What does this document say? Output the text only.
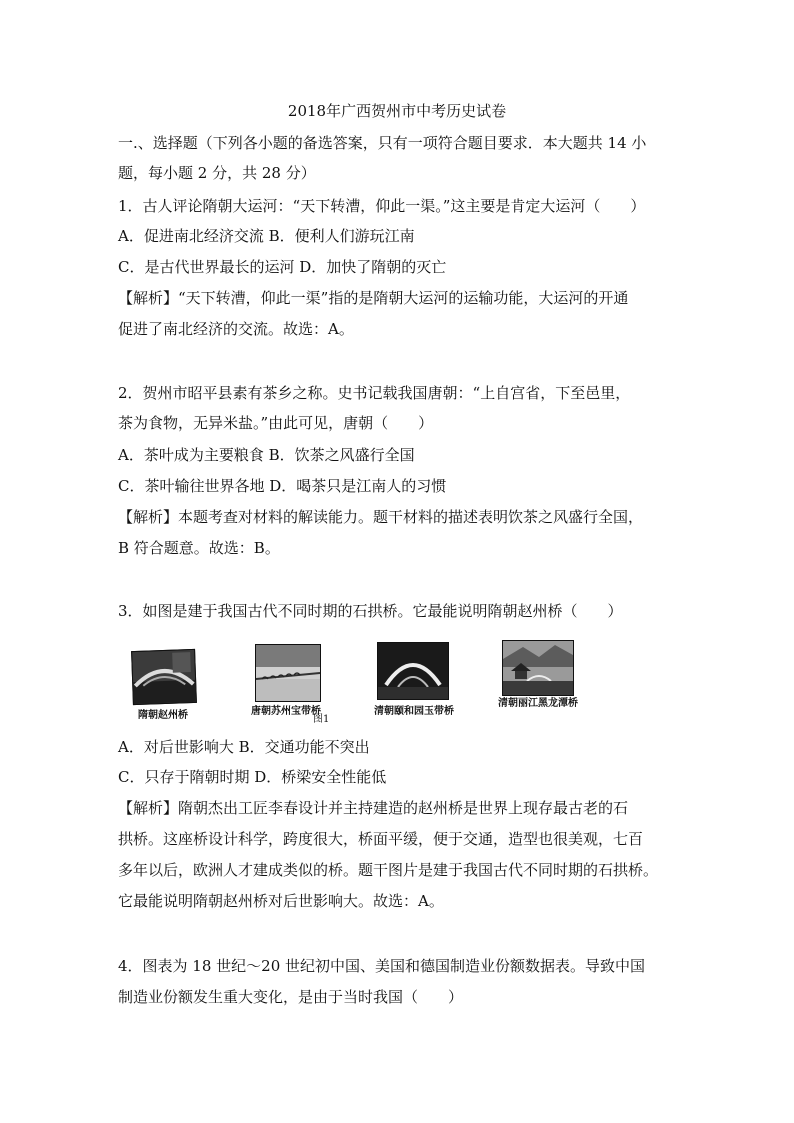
2018年广西贺州市中考历史试卷
一.、选择题（下列各小题的备选答案，只有一项符合题目要求．本大题共 14 小
题，每小题 2 分，共 28 分）
1．古人评论隋朝大运河：“天下转漕，仰此一渠。”这主要是肯定大运河（　　）
A．促进南北经济交流 B．便利人们游玩江南
C．是古代世界最长的运河 D．加快了隋朝的灭亡
【解析】“天下转漕，仰此一渠”指的是隋朝大运河的运输功能，大运河的开通
促进了南北经济的交流。故选：A。
2．贺州市昭平县素有茶乡之称。史书记载我国唐朝：“上自宫省，下至邑里，
茶为食物，无异米盐。”由此可见，唐朝（　　）
A．茶叶成为主要粮食 B．饮茶之风盛行全国
C．茶叶输往世界各地 D．喝茶只是江南人的习惯
【解析】本题考查对材料的解读能力。题干材料的描述表明饮茶之风盛行全国，
B 符合题意。故选：B。
3．如图是建于我国古代不同时期的石拱桥。它最能说明隋朝赵州桥（　　）
隋朝赵州桥	唐朝苏州宝带桥	清朝颐和园玉带桥
清朝丽江黑龙潭桥
图1
A．对后世影响大 B．交通功能不突出
C．只存于隋朝时期 D．桥梁安全性能低
【解析】隋朝杰出工匠李春设计并主持建造的赵州桥是世界上现存最古老的石
拱桥。这座桥设计科学，跨度很大，桥面平缓，便于交通，造型也很美观，七百
多年以后，欧洲人才建成类似的桥。题干图片是建于我国古代不同时期的石拱桥。
它最能说明隋朝赵州桥对后世影响大。故选：A。
4．图表为 18 世纪～20 世纪初中国、美国和德国制造业份额数据表。导致中国
制造业份额发生重大变化，是由于当时我国（　　）
